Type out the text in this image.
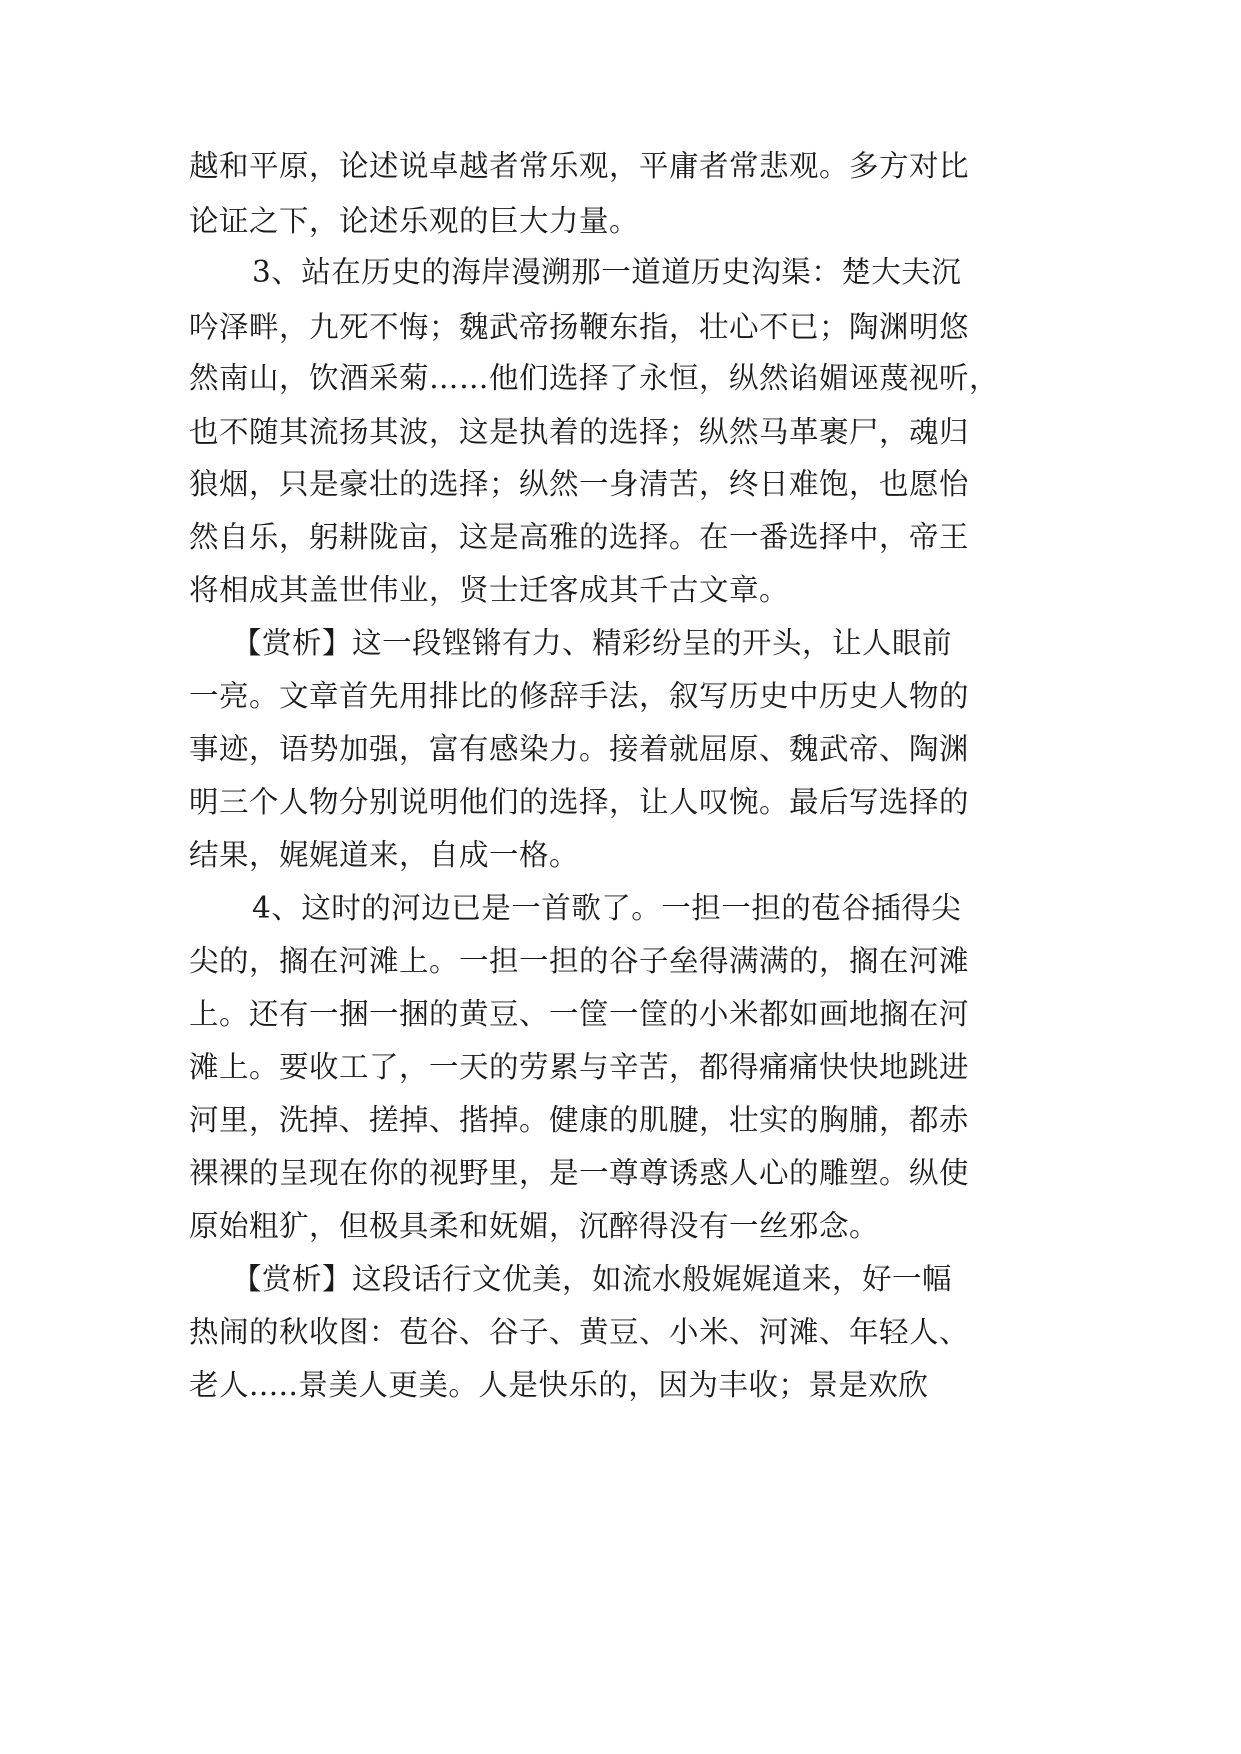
越和平原，论述说卓越者常乐观，平庸者常悲观。多方对比
论证之下，论述乐观的巨大力量。
3、站在历史的海岸漫溯那一道道历史沟渠：楚大夫沉
吟泽畔，九死不悔；魏武帝扬鞭东指，壮心不已；陶渊明悠
然南山，饮酒采菊……他们选择了永恒，纵然谄媚诬蔑视听，
也不随其流扬其波，这是执着的选择；纵然马革裹尸，魂归
狼烟，只是豪壮的选择；纵然一身清苦，终日难饱，也愿怡
然自乐，躬耕陇亩，这是高雅的选择。在一番选择中，帝王
将相成其盖世伟业，贤士迁客成其千古文章。
【赏析】这一段铿锵有力、精彩纷呈的开头，让人眼前
一亮。文章首先用排比的修辞手法，叙写历史中历史人物的
事迹，语势加强，富有感染力。接着就屈原、魏武帝、陶渊
明三个人物分别说明他们的选择，让人叹惋。最后写选择的
结果，娓娓道来，自成一格。
4、这时的河边已是一首歌了。一担一担的苞谷插得尖
尖的，搁在河滩上。一担一担的谷子垒得满满的，搁在河滩
上。还有一捆一捆的黄豆、一筐一筐的小米都如画地搁在河
滩上。要收工了，一天的劳累与辛苦，都得痛痛快快地跳进
河里，洗掉、搓掉、揩掉。健康的肌腱，壮实的胸脯，都赤
裸裸的呈现在你的视野里，是一尊尊诱惑人心的雕塑。纵使
原始粗犷，但极具柔和妩媚，沉醉得没有一丝邪念。
【赏析】这段话行文优美，如流水般娓娓道来，好一幅
热闹的秋收图：苞谷、谷子、黄豆、小米、河滩、年轻人、
老人.....景美人更美。人是快乐的，因为丰收；景是欢欣
